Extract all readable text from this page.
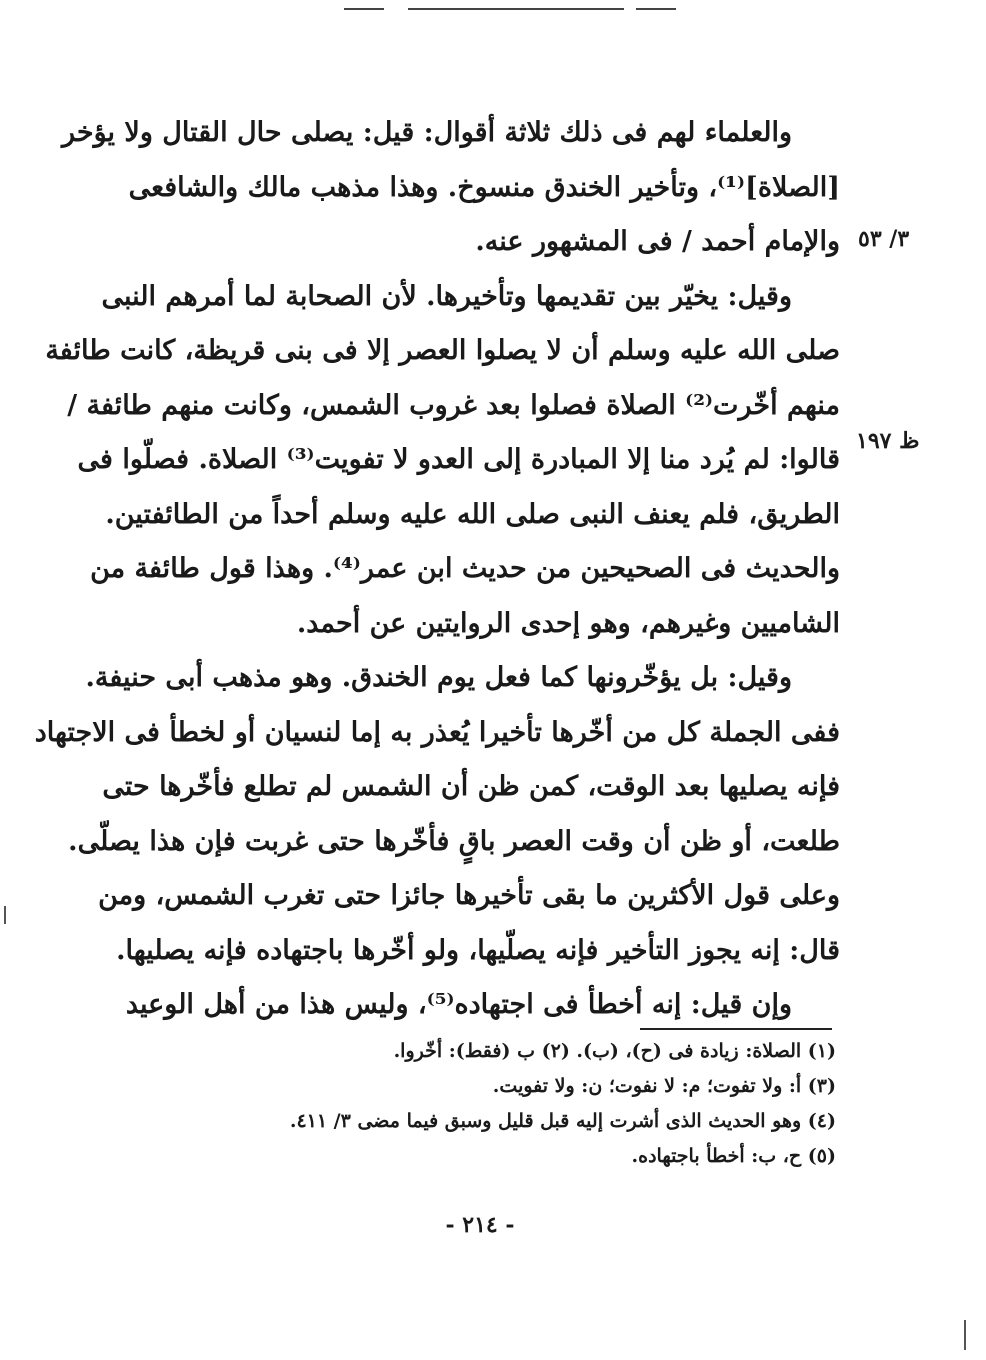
والعلماء لهم فى ذلك ثلاثة أقوال: قيل: يصلى حال القتال ولا يؤخر
[الصلاة]⁽¹⁾، وتأخير الخندق منسوخ. وهذا مذهب مالك والشافعى
والإمام أحمد / فى المشهور عنه.
وقيل: يخيّر بين تقديمها وتأخيرها. لأن الصحابة لما أمرهم النبى
صلى الله عليه وسلم أن لا يصلوا العصر إلا فى بنى قريظة، كانت طائفة
منهم أخّرت⁽²⁾ الصلاة فصلوا بعد غروب الشمس، وكانت منهم طائفة /
قالوا: لم يُرد منا إلا المبادرة إلى العدو لا تفويت⁽³⁾ الصلاة. فصلّوا فى
الطريق، فلم يعنف النبى صلى الله عليه وسلم أحداً من الطائفتين.
والحديث فى الصحيحين من حديث ابن عمر⁽⁴⁾. وهذا قول طائفة من
الشاميين وغيرهم، وهو إحدى الروايتين عن أحمد.
وقيل: بل يؤخّرونها كما فعل يوم الخندق. وهو مذهب أبى حنيفة.
ففى الجملة كل من أخّرها تأخيرا يُعذر به إما لنسيان أو لخطأ فى الاجتهاد
فإنه يصليها بعد الوقت، كمن ظن أن الشمس لم تطلع فأخّرها حتى
طلعت، أو ظن أن وقت العصر باقٍ فأخّرها حتى غربت فإن هذا يصلّى.
وعلى قول الأكثرين ما بقى تأخيرها جائزا حتى تغرب الشمس، ومن
قال: إنه يجوز التأخير فإنه يصلّيها، ولو أخّرها باجتهاده فإنه يصليها.
وإن قيل: إنه أخطأ فى اجتهاده⁽⁵⁾، وليس هذا من أهل الوعيد
٣/ ٥٣
ظ ١٩٧
(١) الصلاة: زيادة فى (ح)، (ب). (٢) ب (فقط): أخّروا.
(٣) أ: ولا تفوت؛ م: لا نفوت؛ ن: ولا تفويت.
(٤) وهو الحديث الذى أشرت إليه قبل قليل وسبق فيما مضى ٣/ ٤١١.
(٥) ح، ب: أخطأ باجتهاده.
- ٢١٤ -
